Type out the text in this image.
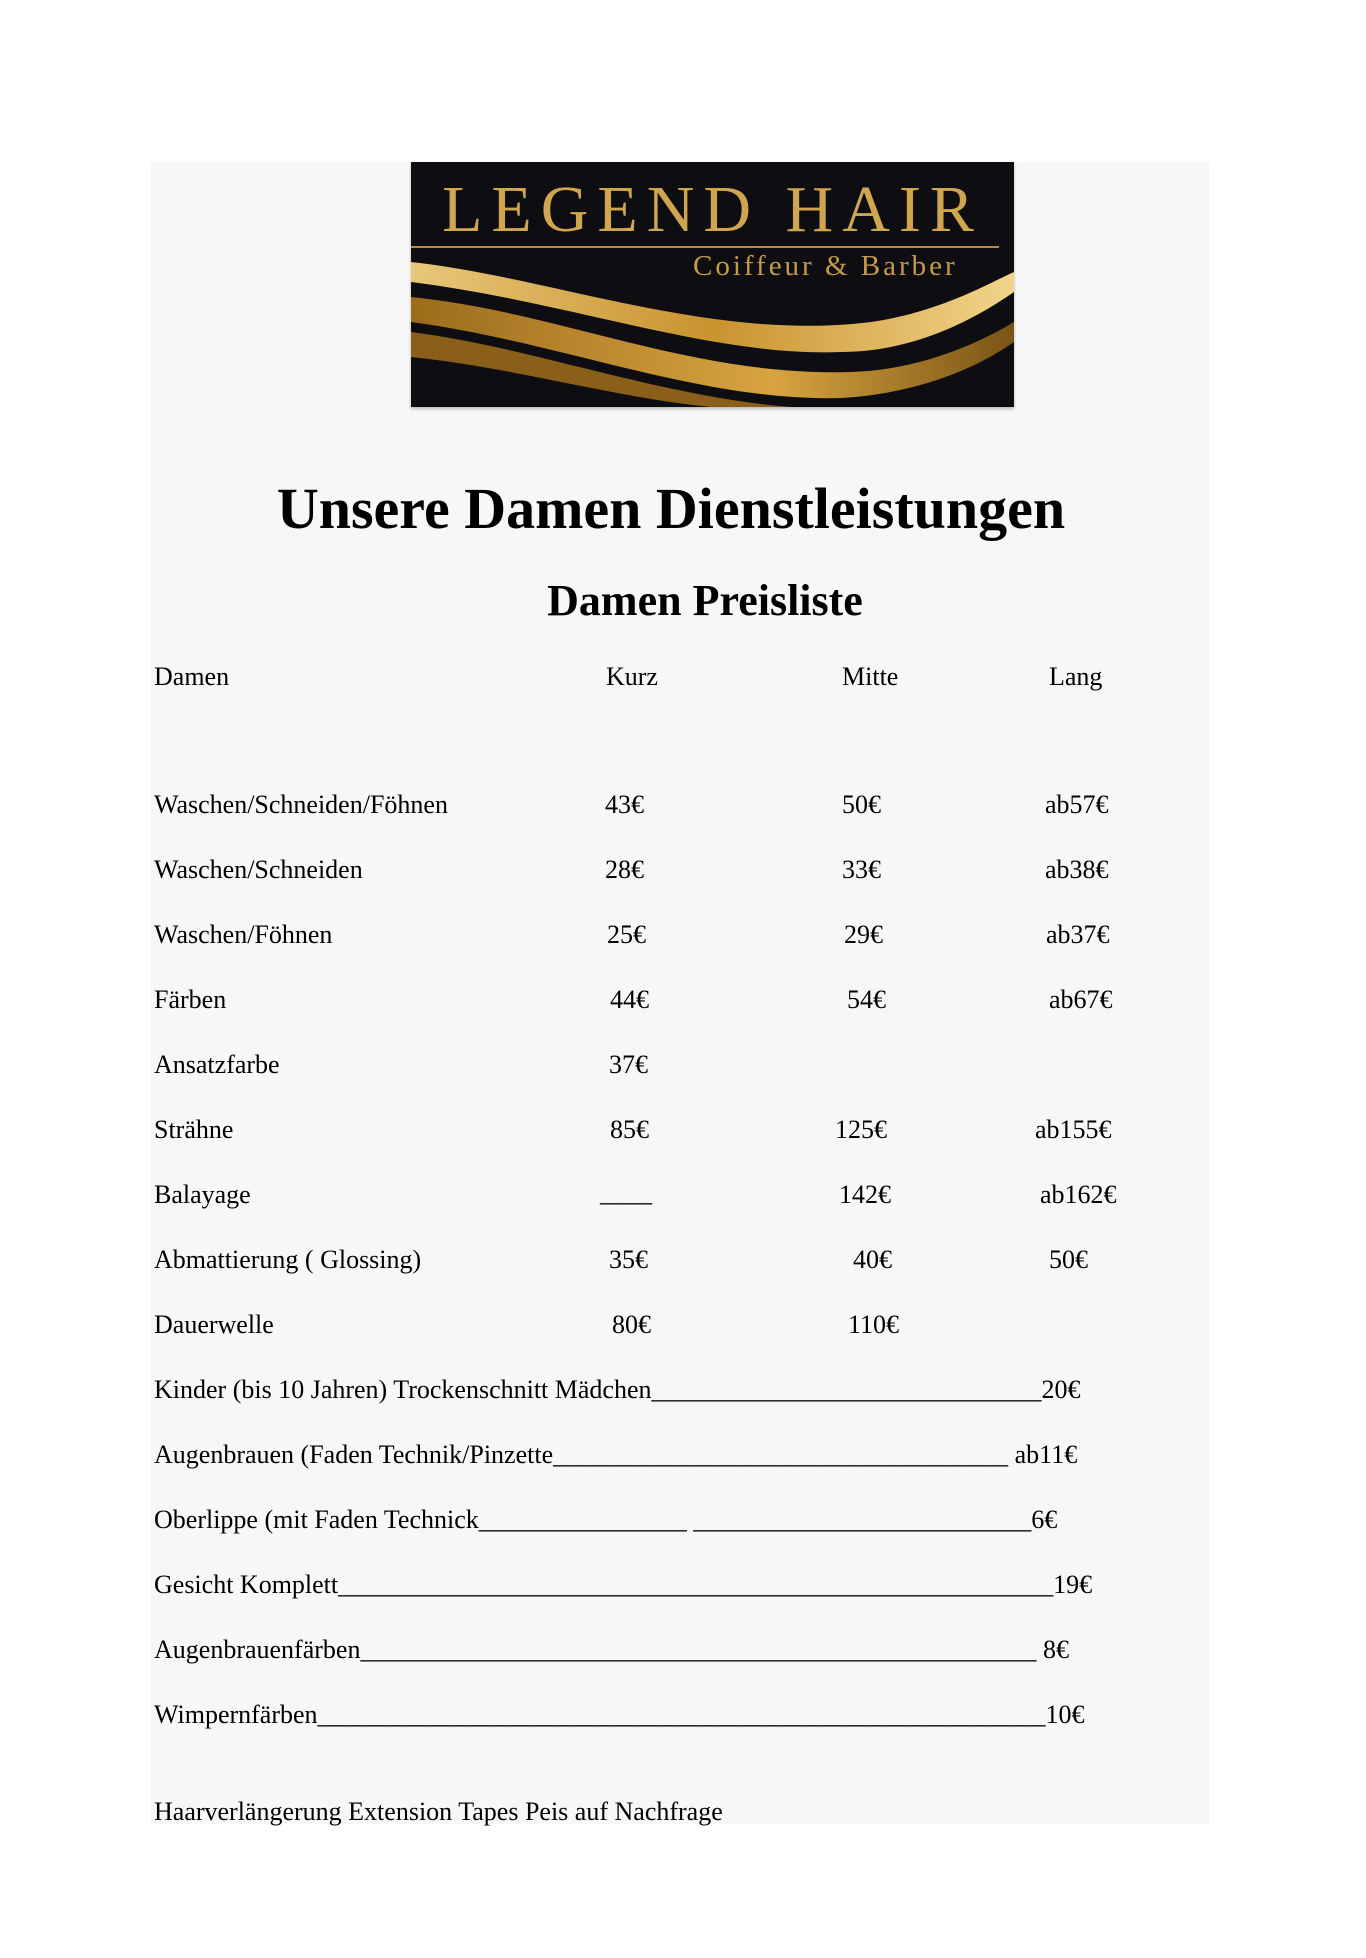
LEGEND HAIR
Coiffeur & Barber
Unsere Damen Dienstleistungen
Damen Preisliste
Damen	Kurz	Mitte	Lang
Waschen/Schneiden/Föhnen	43€	50€	ab57€
Waschen/Schneiden	28€	33€	ab38€
Waschen/Föhnen	25€	29€	ab37€
Färben	44€	54€	ab67€
Ansatzfarbe	37€
Strähne	85€	125€	ab155€
Balayage	____	142€	ab162€
Abmattierung ( Glossing)	35€	40€	50€
Dauerwelle	80€	110€
Kinder (bis 10 Jahren) Trockenschnitt Mädchen______________________________20€
Augenbrauen (Faden Technik/Pinzette___________________________________ ab11€
Oberlippe (mit Faden Technick________________ __________________________6€
Gesicht Komplett_______________________________________________________19€
Augenbrauenfärben____________________________________________________ 8€
Wimpernfärben________________________________________________________10€
Haarverlängerung Extension Tapes Peis auf Nachfrage
